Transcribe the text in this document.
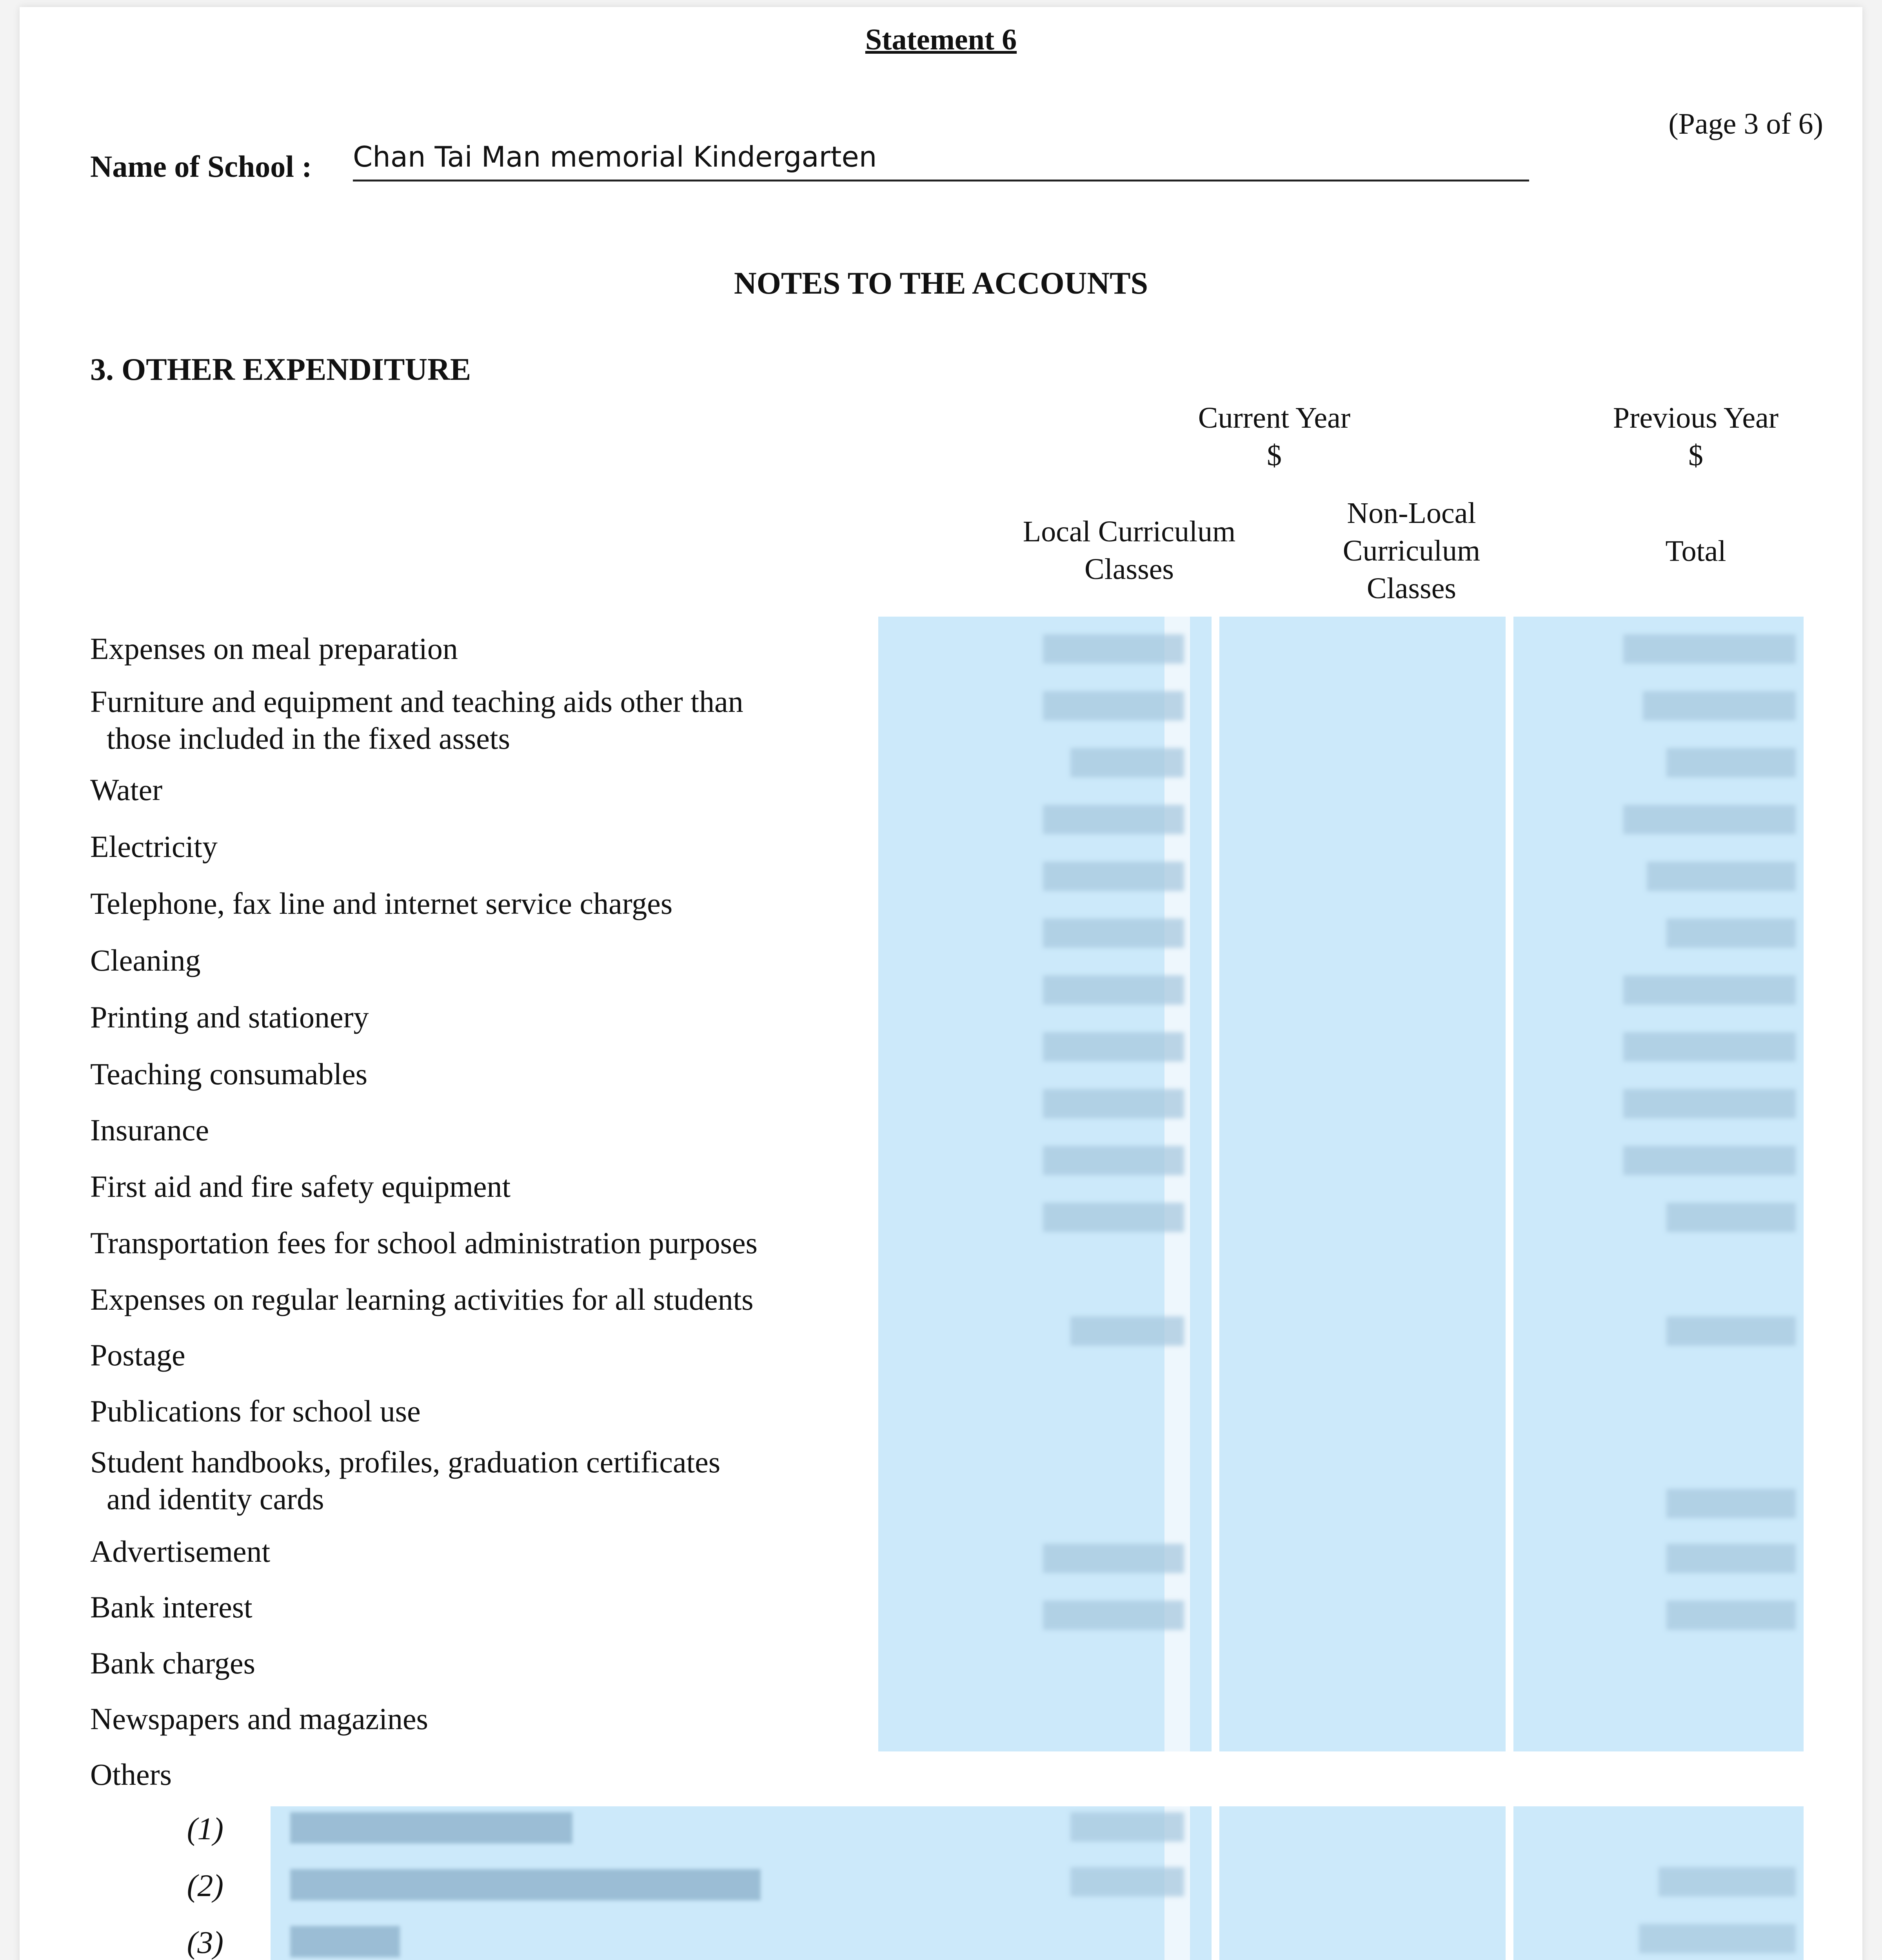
Statement 6
(Page 3 of 6)
Name of School : Chan Tai Man memorial Kindergarten
NOTES TO THE ACCOUNTS
3. OTHER EXPENDITURE
Current Year
$
Previous Year
$
Local Curriculum
Classes
Non-Local
Curriculum
Classes
Total
Expenses on meal preparation
Furniture and equipment and teaching aids other than
those included in the fixed assets
Water
Electricity
Telephone, fax line and internet service charges
Cleaning
Printing and stationery
Teaching consumables
Insurance
First aid and fire safety equipment
Transportation fees for school administration purposes
Expenses on regular learning activities for all students
Postage
Publications for school use
Student handbooks, profiles, graduation certificates
and identity cards
Advertisement
Bank interest
Bank charges
Newspapers and magazines
Others
(1)
(2)
(3)
